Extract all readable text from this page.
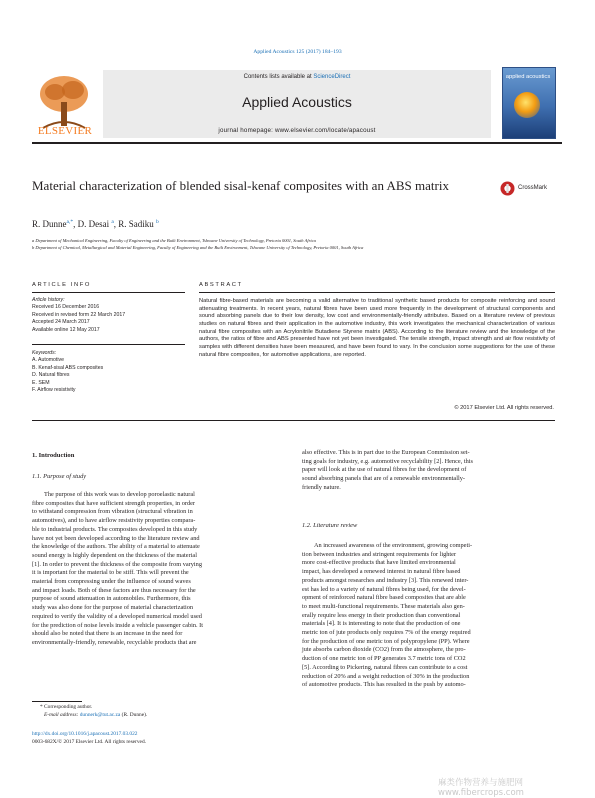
Applied Acoustics 125 (2017) 184–193
Contents lists available at ScienceDirect
Applied Acoustics
journal homepage: www.elsevier.com/locate/apacoust
ELSEVIER
applied acoustics
Material characterization of blended sisal-kenaf composites with an ABS matrix	CrossMark
R. Dunne$^{a,*}$, D. Desai $^a$, R. Sadiku $^b$
a Department of Mechanical Engineering, Faculty of Engineering and the Built Environment, Tshwane University of Technology, Pretoria 0001, South Africa
b Department of Chemical, Metallurgical and Material Engineering, Faculty of Engineering and the Built Environment, Tshwane University of Technology, Pretoria 0001, South Africa
ARTICLE INFO	ABSTRACT
Article history:
Received 16 December 2016
Received in revised form 22 March 2017
Accepted 24 March 2017
Available online 12 May 2017
Keywords:
A. Automotive
B. Kenaf-sisal ABS composites
D. Natural fibres
E. SEM
F. Airflow resistivity
Natural fibre-based materials are becoming a valid alternative to traditional synthetic based products for composite reinforcing and sound attenuating treatments. In recent years, natural fibres have been used more frequently in the development of structural components and sound absorbing panels due to their low density, low cost and environmentally-friendly attributes. Based on a literature review of previous studies on natural fibres and their application in the automotive industry, this work investigates the mechanical characterization of various natural fibre composites with an Acrylonitrile Butadiene Styrene matrix (ABS). According to the literature review and the knowledge of the authors, the ratios of fibre and ABS presented have not yet been investigated. The tensile strength, impact strength and air flow resistivity of samples with different densities have been measured, and have been found to vary. In the conclusion some suggestions for the use of these natural fibre composites, for automotive applications, are reported.
© 2017 Elsevier Ltd. All rights reserved.
1. Introduction
1.1. Purpose of study
The purpose of this work was to develop poroelastic natural
fibre composites that have sufficient strength properties, in order
to withstand compression from vibration (structural vibration in
automotives), and to have airflow resistivity properties compara-
ble to industrial products. The composites developed in this study
have not yet been developed according to the literature review and
the knowledge of the authors. The ability of a material to attenuate
sound energy is highly dependent on the thickness of the material
[1]. In order to prevent the thickness of the composite from varying
it is important for the material to be stiff. This will prevent the
material from compressing under the influence of sound waves
and impact loads. Both of these factors are thus necessary for the
purpose of sound attenuation in automobiles. Furthermore, this
study was also done for the purpose of material characterization
required to verify the validity of a developed numerical model used
for the prediction of noise levels inside a vehicle passenger cabin. It
should also be noted that there is an increase in the need for
environmentally-friendly, renewable, recyclable products that are
also effective. This is in part due to the European Commission set-
ting goals for industry, e.g. automotive recyclability [2]. Hence, this
paper will look at the use of natural fibres for the development of
sound absorbing panels that are of a renewable environmentally-
friendly nature.
1.2. Literature review
An increased awareness of the environment, growing competi-
tion between industries and stringent requirements for lighter
more cost-effective products that have limited environmental
impact, has developed a renewed interest in natural fibre based
products amongst researches and industry [3]. This renewed inter-
est has led to a variety of natural fibres being used, for the devel-
opment of reinforced natural fibre based composites that are able
to meet multi-functional requirements. These materials also gen-
erally require less energy in their production than conventional
materials [4]. It is interesting to note that the production of one
metric ton of jute products only requires 7% of the energy required
for the production of one metric ton of polypropylene (PP). Where
jute absorbs carbon dioxide (CO2) from the atmosphere, the pro-
duction of one metric ton of PP generates 3.7 metric tons of CO2
[5]. According to Pickering, natural fibres can contribute to a cost
reduction of 20% and a weight reduction of 30% in the production
of automotive products. This has resulted in the push by automo-
* Corresponding author.
E-mail address: dunnerk@tut.ac.za (R. Dunne).
http://dx.doi.org/10.1016/j.apacoust.2017.03.022
0003-682X/© 2017 Elsevier Ltd. All rights reserved.
麻类作物营养与施肥网 www.fibercrops.com
